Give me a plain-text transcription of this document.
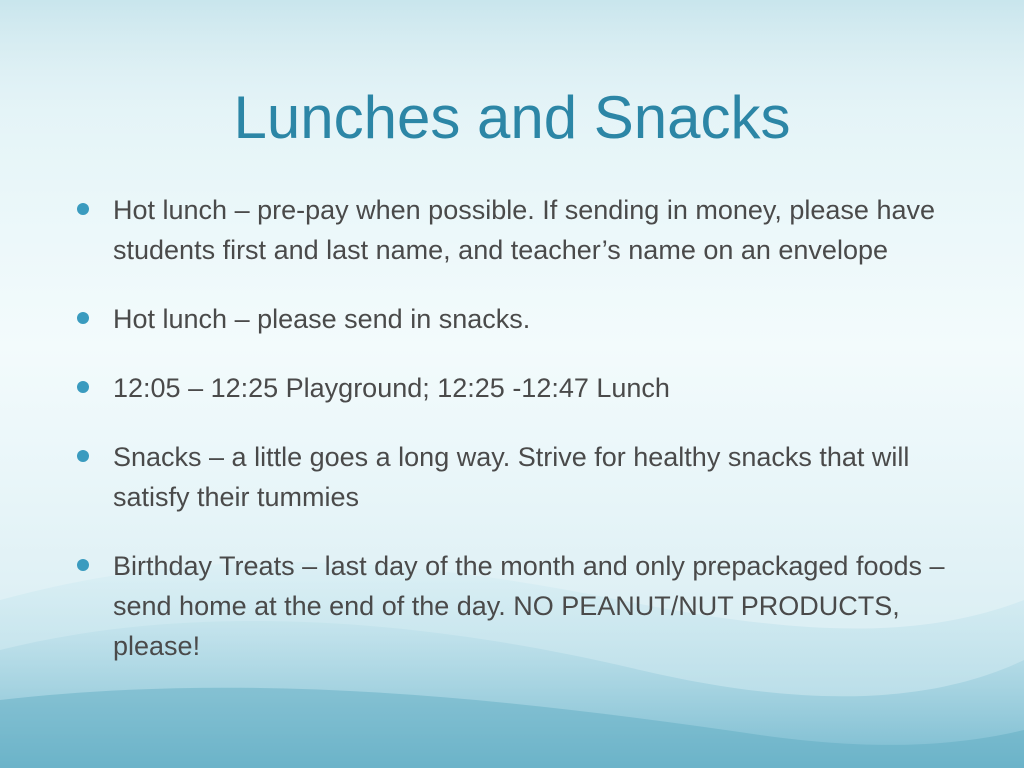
Lunches and Snacks
Hot lunch – pre-pay when possible. If sending in money, please have students first and last name, and teacher’s name on an envelope
Hot lunch – please send in snacks.
12:05 – 12:25 Playground; 12:25 -12:47 Lunch
Snacks – a little goes a long way. Strive for healthy snacks that will satisfy their tummies
Birthday Treats – last day of the month and only prepackaged foods – send home at the end of the day. NO PEANUT/NUT PRODUCTS, please!
